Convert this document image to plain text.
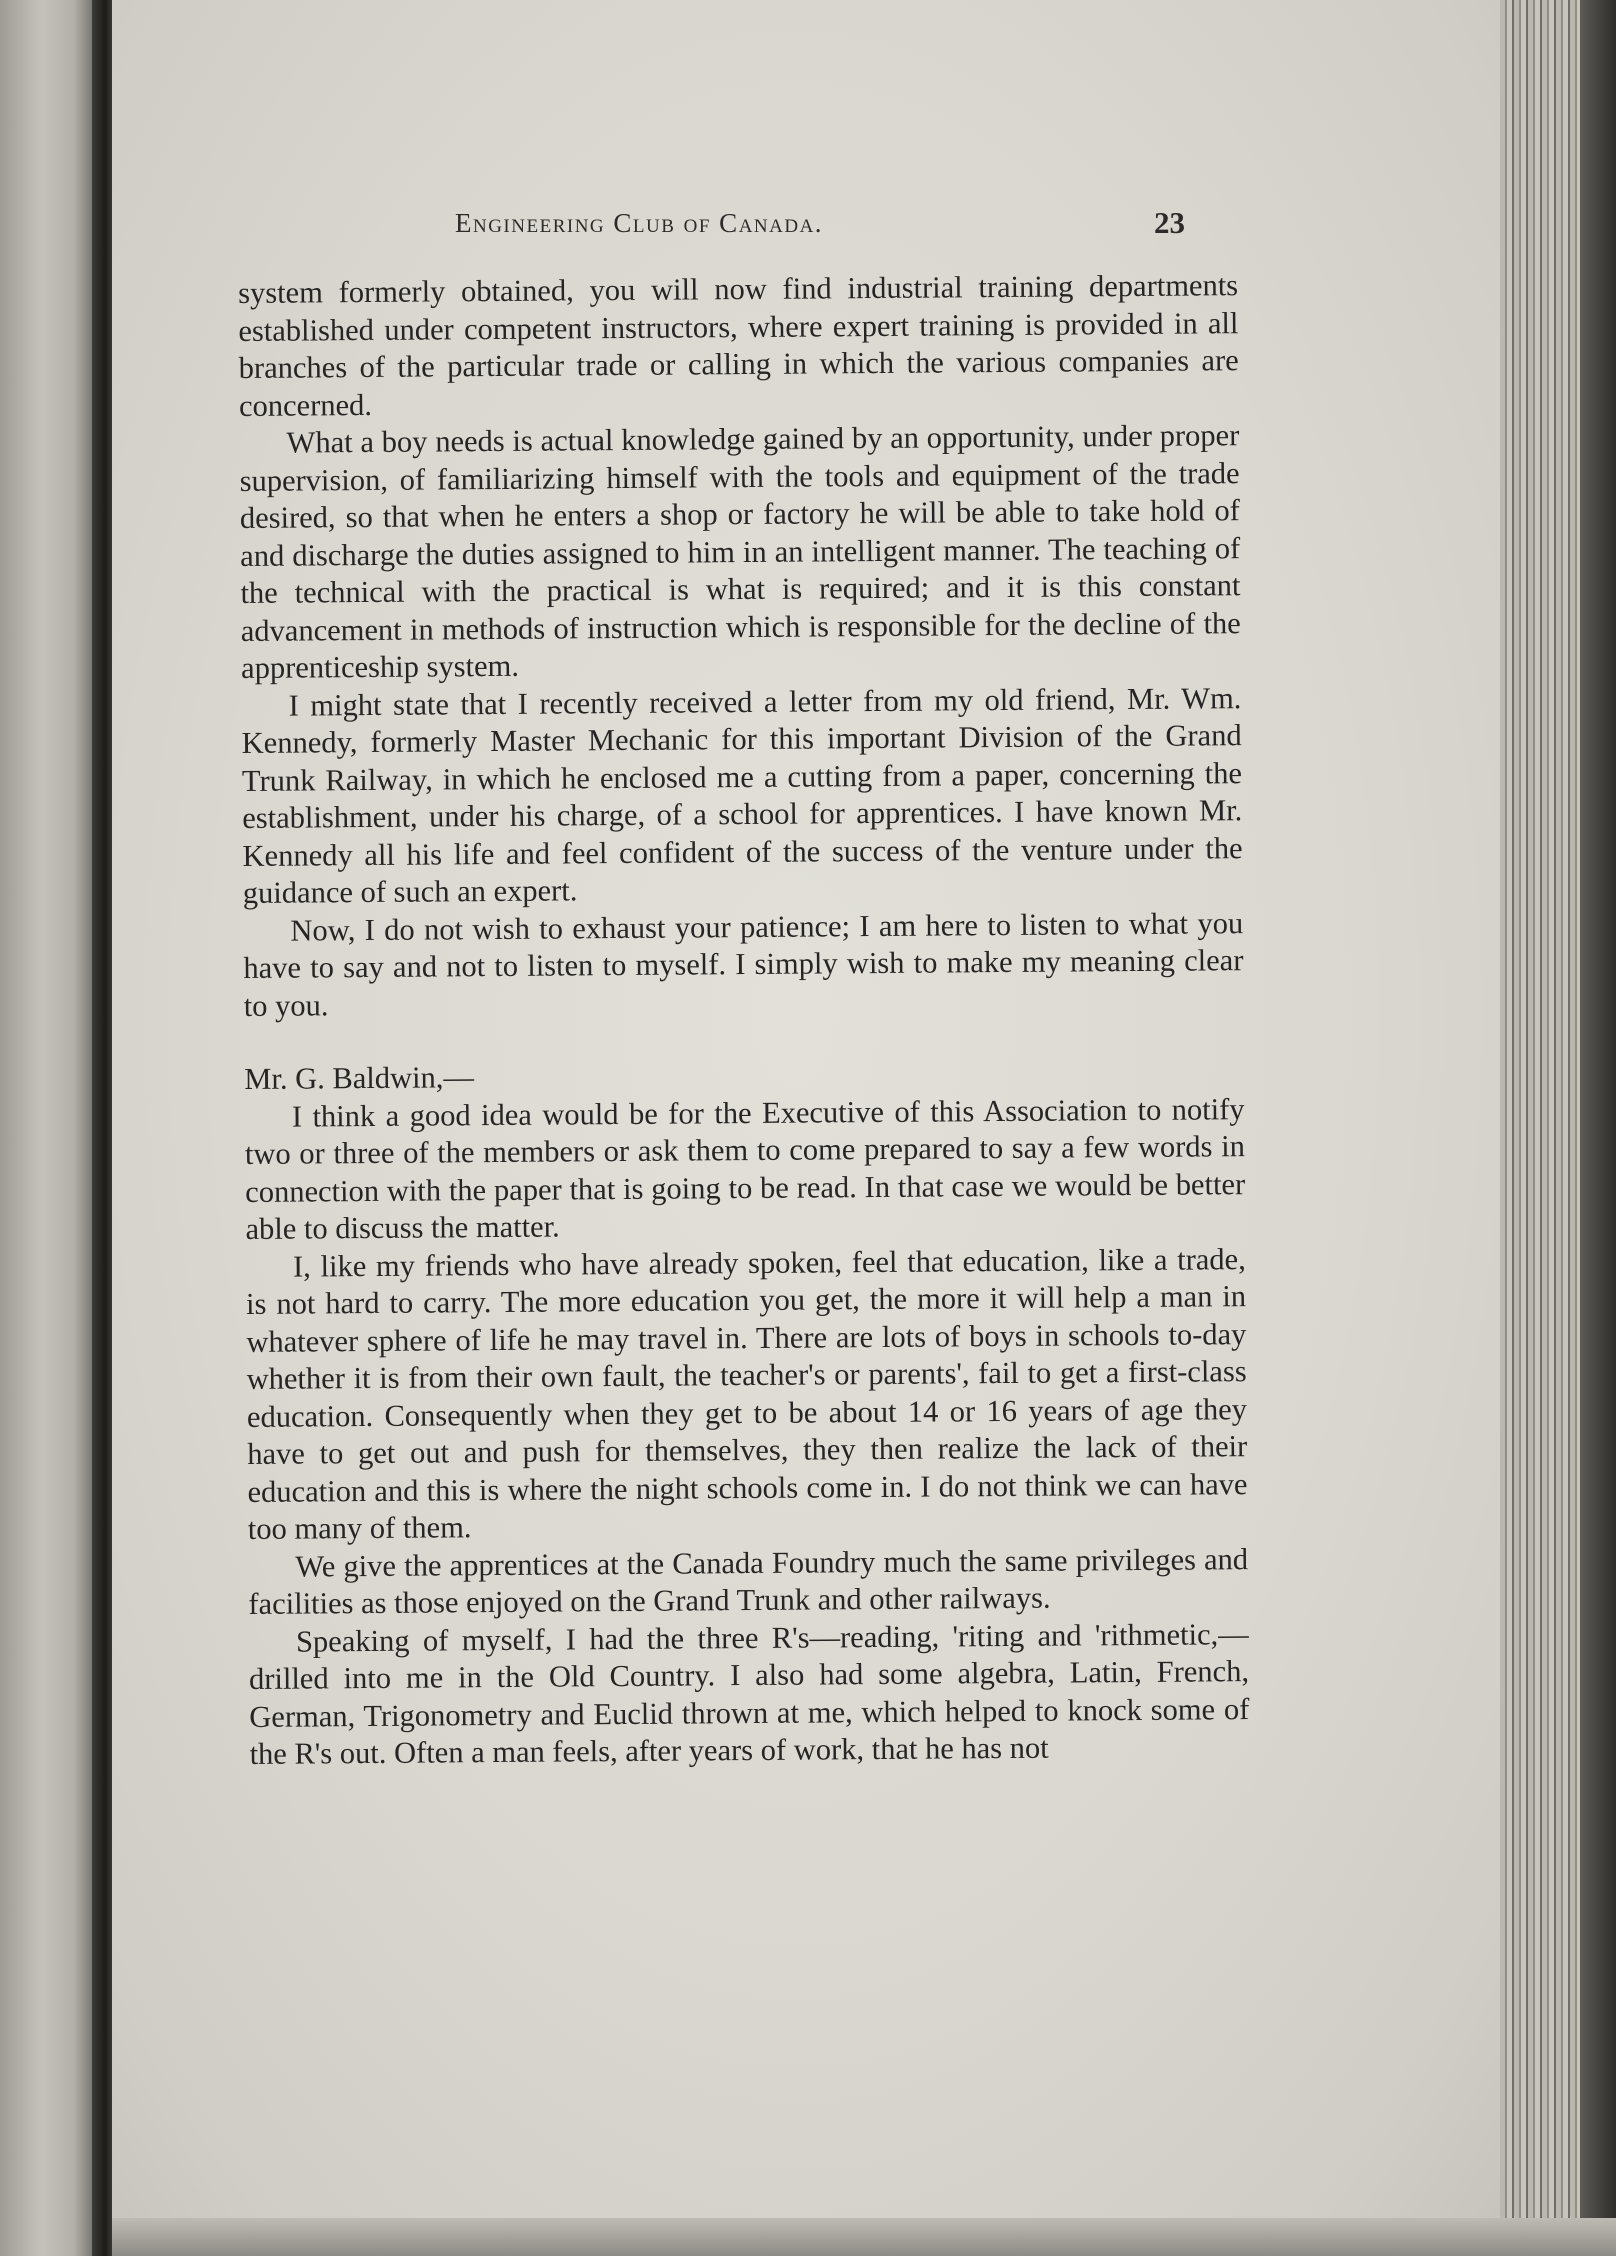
Engineering Club of Canada.	23

system formerly obtained, you will now find industrial training departments established under competent instructors, where expert training is provided in all branches of the particular trade or calling in which the various companies are concerned.

What a boy needs is actual knowledge gained by an opportunity, under proper supervision, of familiarizing himself with the tools and equipment of the trade desired, so that when he enters a shop or factory he will be able to take hold of and discharge the duties assigned to him in an intelligent manner. The teaching of the technical with the practical is what is required; and it is this constant advancement in methods of instruction which is responsible for the decline of the apprenticeship system.

I might state that I recently received a letter from my old friend, Mr. Wm. Kennedy, formerly Master Mechanic for this important Division of the Grand Trunk Railway, in which he enclosed me a cutting from a paper, concerning the establishment, under his charge, of a school for apprentices. I have known Mr. Kennedy all his life and feel confident of the success of the venture under the guidance of such an expert.

Now, I do not wish to exhaust your patience; I am here to listen to what you have to say and not to listen to myself. I simply wish to make my meaning clear to you.

Mr. G. Baldwin,—

I think a good idea would be for the Executive of this Association to notify two or three of the members or ask them to come prepared to say a few words in connection with the paper that is going to be read. In that case we would be better able to discuss the matter.

I, like my friends who have already spoken, feel that education, like a trade, is not hard to carry. The more education you get, the more it will help a man in whatever sphere of life he may travel in. There are lots of boys in schools to-day whether it is from their own fault, the teacher's or parents', fail to get a first-class education. Consequently when they get to be about 14 or 16 years of age they have to get out and push for themselves, they then realize the lack of their education and this is where the night schools come in. I do not think we can have too many of them.

We give the apprentices at the Canada Foundry much the same privileges and facilities as those enjoyed on the Grand Trunk and other railways.

Speaking of myself, I had the three R's—reading, 'riting and 'rithmetic,—drilled into me in the Old Country. I also had some algebra, Latin, French, German, Trigonometry and Euclid thrown at me, which helped to knock some of the R's out. Often a man feels, after years of work, that he has not
